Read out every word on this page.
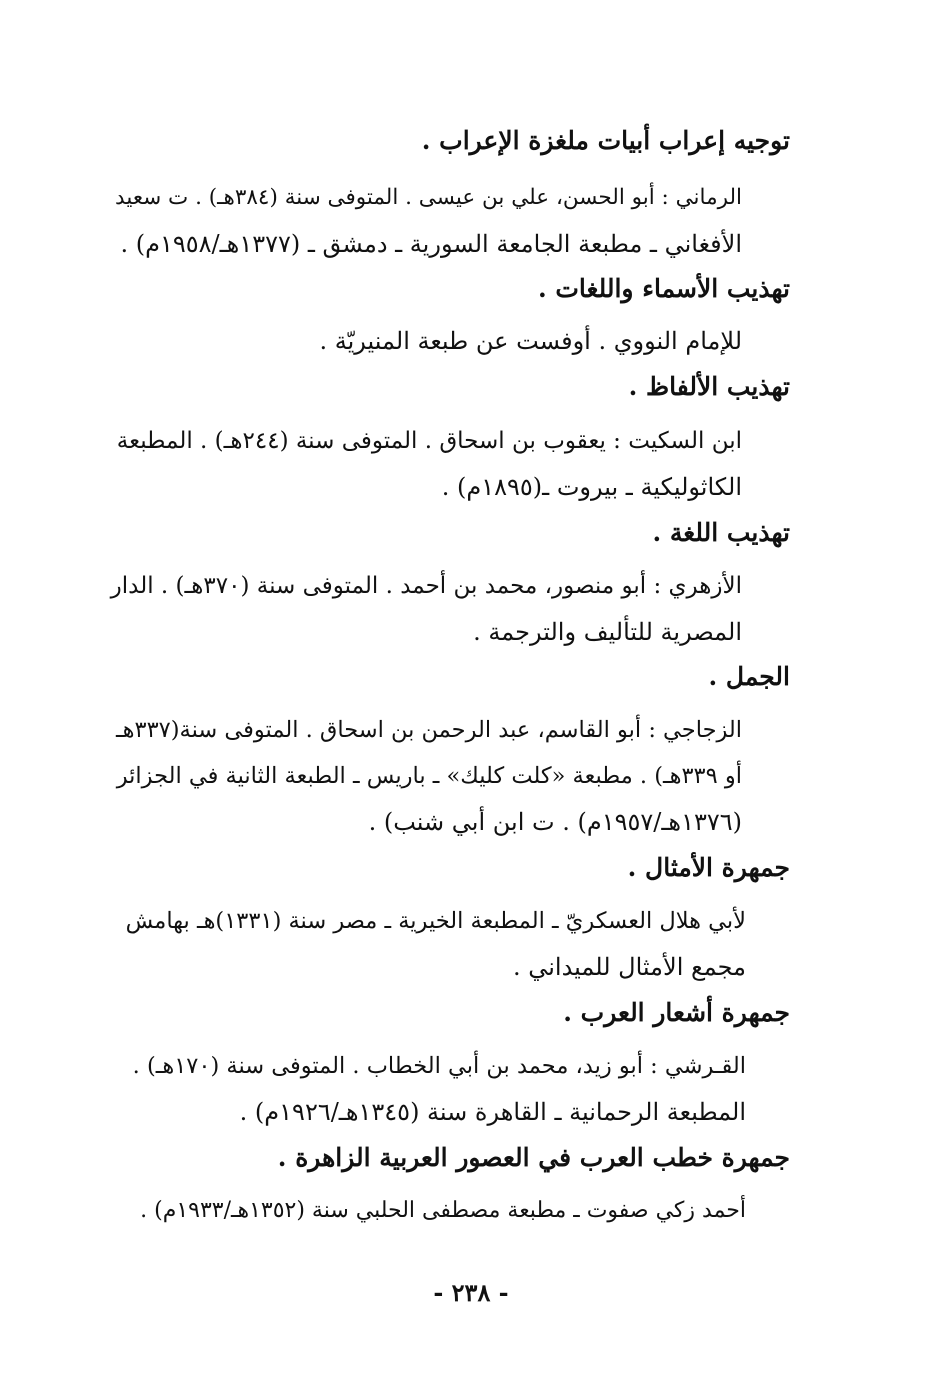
توجيه إعراب أبيات ملغزة الإعراب .
الرماني : أبو الحسن، علي بن عيسى . المتوفى سنة (٣٨٤هـ) . ت سعيد
الأفغاني ـ مطبعة الجامعة السورية ـ دمشق ـ (١٣٧٧هـ/١٩٥٨م) .
تهذيب الأسماء واللغات .
للإمام النووي . أوفست عن طبعة المنيريّة .
تهذيب الألفاظ .
ابن السكيت : يعقوب بن اسحاق . المتوفى سنة (٢٤٤هـ) . المطبعة
الكاثوليكية ـ بيروت ـ(١٨٩٥م) .
تهذيب اللغة .
الأزهري : أبو منصور، محمد بن أحمد . المتوفى سنة (٣٧٠هـ) . الدار
المصرية للتأليف والترجمة .
الجمل .
الزجاجي : أبو القاسم، عبد الرحمن بن اسحاق . المتوفى سنة(٣٣٧هـ
أو ٣٣٩هـ) . مطبعة «كلت كليك» ـ باريس ـ الطبعة الثانية في الجزائر
(١٣٧٦هـ/١٩٥٧م) . ت ابن أبي شنب) .
جمهرة الأمثال .
لأبي هلال العسكريّ ـ المطبعة الخيرية ـ مصر سنة (١٣٣١)هـ بهامش
مجمع الأمثال للميداني .
جمهرة أشعار العرب .
القـرشي : أبو زيد، محمد بن أبي الخطاب . المتوفى سنة (١٧٠هـ) .
المطبعة الرحمانية ـ القاهرة سنة (١٣٤٥هـ/١٩٢٦م) .
جمهرة خطب العرب في العصور العربية الزاهرة .
أحمد زكي صفوت ـ مطبعة مصطفى الحلبي سنة (١٣٥٢هـ/١٩٣٣م) .
- ٢٣٨ -
